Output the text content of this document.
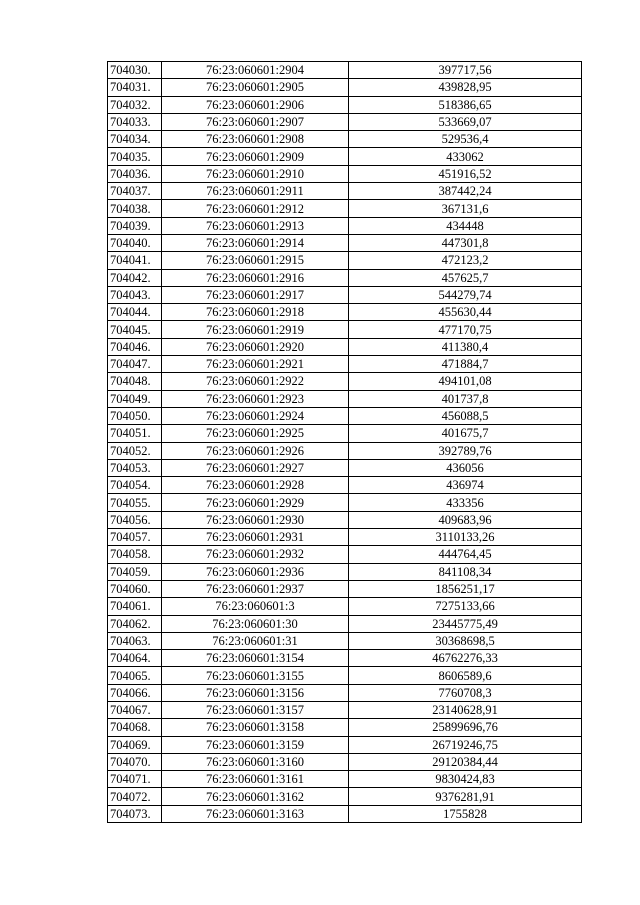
704030.	76:23:060601:2904	397717,56
704031.	76:23:060601:2905	439828,95
704032.	76:23:060601:2906	518386,65
704033.	76:23:060601:2907	533669,07
704034.	76:23:060601:2908	529536,4
704035.	76:23:060601:2909	433062
704036.	76:23:060601:2910	451916,52
704037.	76:23:060601:2911	387442,24
704038.	76:23:060601:2912	367131,6
704039.	76:23:060601:2913	434448
704040.	76:23:060601:2914	447301,8
704041.	76:23:060601:2915	472123,2
704042.	76:23:060601:2916	457625,7
704043.	76:23:060601:2917	544279,74
704044.	76:23:060601:2918	455630,44
704045.	76:23:060601:2919	477170,75
704046.	76:23:060601:2920	411380,4
704047.	76:23:060601:2921	471884,7
704048.	76:23:060601:2922	494101,08
704049.	76:23:060601:2923	401737,8
704050.	76:23:060601:2924	456088,5
704051.	76:23:060601:2925	401675,7
704052.	76:23:060601:2926	392789,76
704053.	76:23:060601:2927	436056
704054.	76:23:060601:2928	436974
704055.	76:23:060601:2929	433356
704056.	76:23:060601:2930	409683,96
704057.	76:23:060601:2931	3110133,26
704058.	76:23:060601:2932	444764,45
704059.	76:23:060601:2936	841108,34
704060.	76:23:060601:2937	1856251,17
704061.	76:23:060601:3	7275133,66
704062.	76:23:060601:30	23445775,49
704063.	76:23:060601:31	30368698,5
704064.	76:23:060601:3154	46762276,33
704065.	76:23:060601:3155	8606589,6
704066.	76:23:060601:3156	7760708,3
704067.	76:23:060601:3157	23140628,91
704068.	76:23:060601:3158	25899696,76
704069.	76:23:060601:3159	26719246,75
704070.	76:23:060601:3160	29120384,44
704071.	76:23:060601:3161	9830424,83
704072.	76:23:060601:3162	9376281,91
704073.	76:23:060601:3163	1755828
